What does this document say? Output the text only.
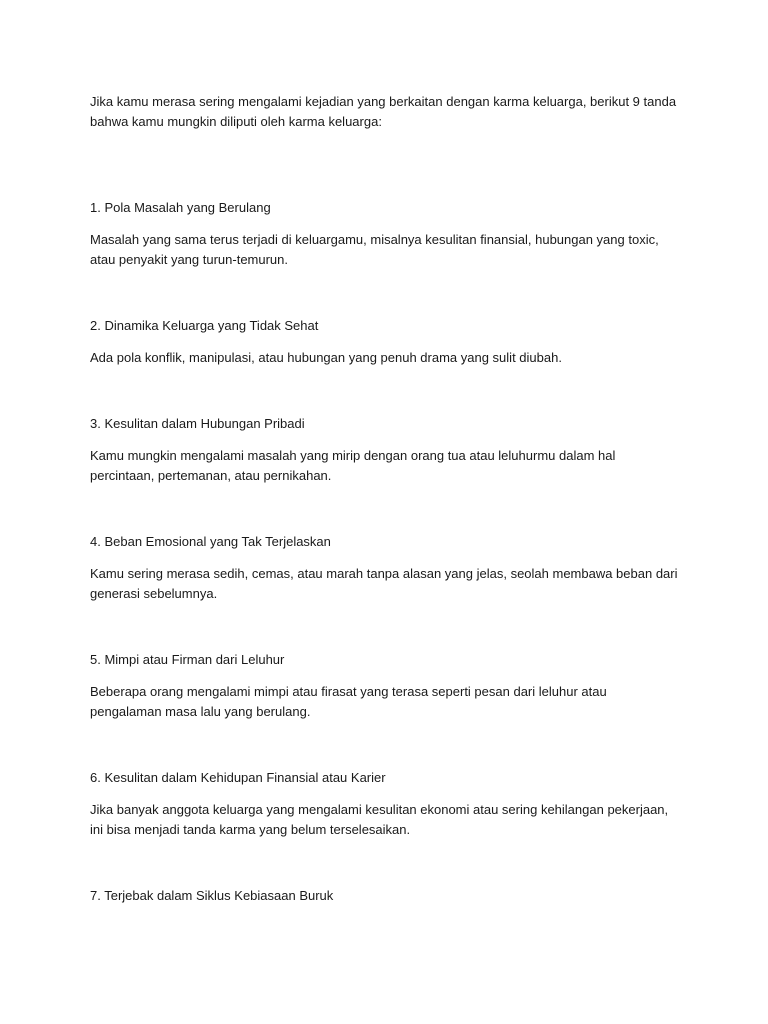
Jika kamu merasa sering mengalami kejadian yang berkaitan dengan karma keluarga, berikut 9 tanda bahwa kamu mungkin diliputi oleh karma keluarga:

1. Pola Masalah yang Berulang

Masalah yang sama terus terjadi di keluargamu, misalnya kesulitan finansial, hubungan yang toxic, atau penyakit yang turun-temurun.

2. Dinamika Keluarga yang Tidak Sehat

Ada pola konflik, manipulasi, atau hubungan yang penuh drama yang sulit diubah.

3. Kesulitan dalam Hubungan Pribadi

Kamu mungkin mengalami masalah yang mirip dengan orang tua atau leluhurmu dalam hal percintaan, pertemanan, atau pernikahan.

4. Beban Emosional yang Tak Terjelaskan

Kamu sering merasa sedih, cemas, atau marah tanpa alasan yang jelas, seolah membawa beban dari generasi sebelumnya.

5. Mimpi atau Firman dari Leluhur

Beberapa orang mengalami mimpi atau firasat yang terasa seperti pesan dari leluhur atau pengalaman masa lalu yang berulang.

6. Kesulitan dalam Kehidupan Finansial atau Karier

Jika banyak anggota keluarga yang mengalami kesulitan ekonomi atau sering kehilangan pekerjaan, ini bisa menjadi tanda karma yang belum terselesaikan.

7. Terjebak dalam Siklus Kebiasaan Buruk
